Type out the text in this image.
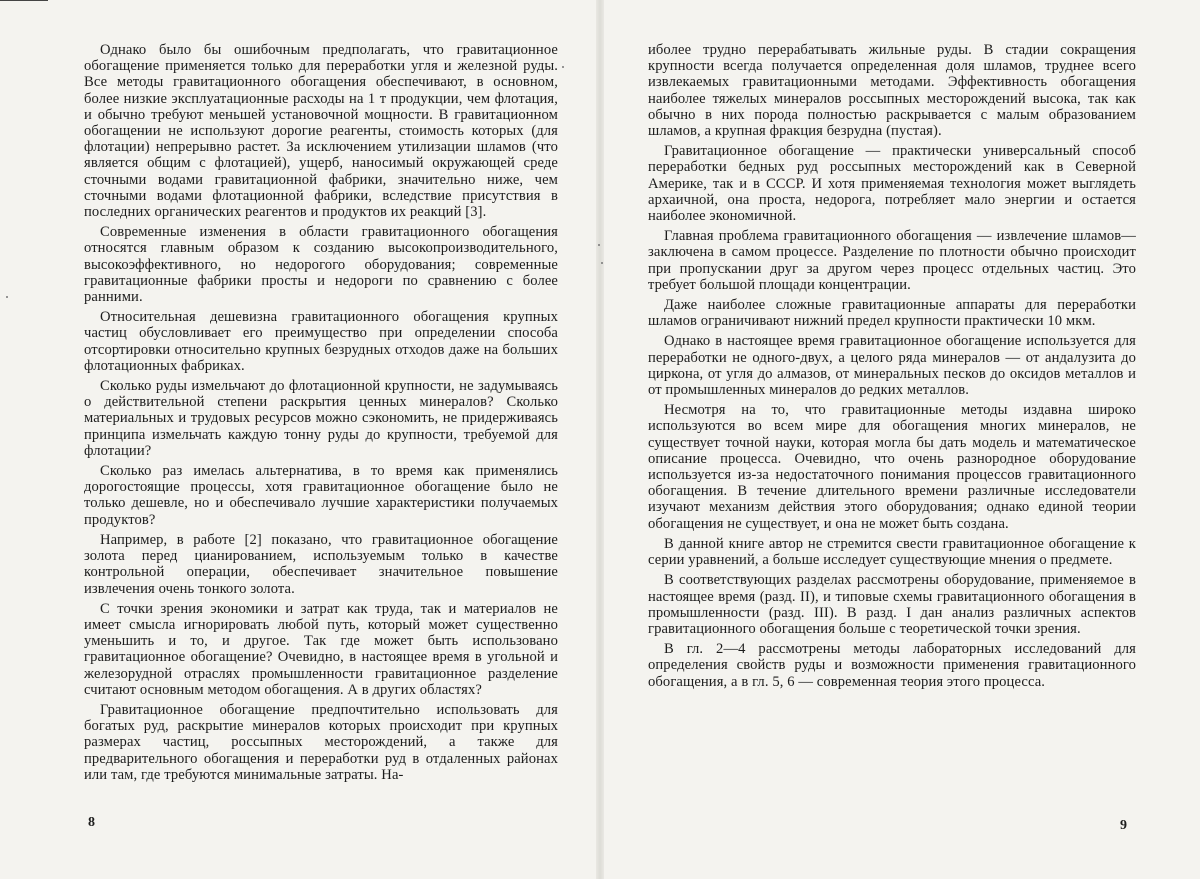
Однако было бы ошибочным предполагать, что гравитационное обогащение применяется только для переработки угля и железной руды. Все методы гравитационного обогащения обеспечивают, в основном, более низкие эксплуатационные расходы на 1 т продукции, чем флотация, и обычно требуют меньшей установочной мощности. В гравитационном обогащении не используют дорогие реагенты, стоимость которых (для флотации) непрерывно растет. За исключением утилизации шламов (что является общим с флотацией), ущерб, наносимый окружающей среде сточными водами гравитационной фабрики, значительно ниже, чем сточными водами флотационной фабрики, вследствие присутствия в последних органических реагентов и продуктов их реакций [3].

Современные изменения в области гравитационного обогащения относятся главным образом к созданию высокопроизводительного, высокоэффективного, но недорогого оборудования; современные гравитационные фабрики просты и недороги по сравнению с более ранними.

Относительная дешевизна гравитационного обогащения крупных частиц обусловливает его преимущество при определении способа отсортировки относительно крупных безрудных отходов даже на больших флотационных фабриках.

Сколько руды измельчают до флотационной крупности, не задумываясь о действительной степени раскрытия ценных минералов? Сколько материальных и трудовых ресурсов можно сэкономить, не придерживаясь принципа измельчать каждую тонну руды до крупности, требуемой для флотации?

Сколько раз имелась альтернатива, в то время как применялись дорогостоящие процессы, хотя гравитационное обогащение было не только дешевле, но и обеспечивало лучшие характеристики получаемых продуктов?

Например, в работе [2] показано, что гравитационное обогащение золота перед цианированием, используемым только в качестве контрольной операции, обеспечивает значительное повышение извлечения очень тонкого золота.

С точки зрения экономики и затрат как труда, так и материалов не имеет смысла игнорировать любой путь, который может существенно уменьшить и то, и другое. Так где может быть использовано гравитационное обогащение? Очевидно, в настоящее время в угольной и железорудной отраслях промышленности гравитационное разделение считают основным методом обогащения. А в других областях?

Гравитационное обогащение предпочтительно использовать для богатых руд, раскрытие минералов которых происходит при крупных размерах частиц, россыпных месторождений, а также для предварительного обогащения и переработки руд в отдаленных районах или там, где требуются минимальные затраты. На-

8

иболее трудно перерабатывать жильные руды. В стадии сокращения крупности всегда получается определенная доля шламов, труднее всего извлекаемых гравитационными методами. Эффективность обогащения наиболее тяжелых минералов россыпных месторождений высока, так как обычно в них порода полностью раскрывается с малым образованием шламов, а крупная фракция безрудна (пустая).

Гравитационное обогащение — практически универсальный способ переработки бедных руд россыпных месторождений как в Северной Америке, так и в СССР. И хотя применяемая технология может выглядеть архаичной, она проста, недорога, потребляет мало энергии и остается наиболее экономичной.

Главная проблема гравитационного обогащения — извлечение шламов—заключена в самом процессе. Разделение по плотности обычно происходит при пропускании друг за другом через процесс отдельных частиц. Это требует большой площади концентрации.

Даже наиболее сложные гравитационные аппараты для переработки шламов ограничивают нижний предел крупности практически 10 мкм.

Однако в настоящее время гравитационное обогащение используется для переработки не одного-двух, а целого ряда минералов — от андалузита до циркона, от угля до алмазов, от минеральных песков до оксидов металлов и от промышленных минералов до редких металлов.

Несмотря на то, что гравитационные методы издавна широко используются во всем мире для обогащения многих минералов, не существует точной науки, которая могла бы дать модель и математическое описание процесса. Очевидно, что очень разнородное оборудование используется из-за недостаточного понимания процессов гравитационного обогащения. В течение длительного времени различные исследователи изучают механизм действия этого оборудования; однако единой теории обогащения не существует, и она не может быть создана.

В данной книге автор не стремится свести гравитационное обогащение к серии уравнений, а больше исследует существующие мнения о предмете.

В соответствующих разделах рассмотрены оборудование, применяемое в настоящее время (разд. II), и типовые схемы гравитационного обогащения в промышленности (разд. III). В разд. I дан анализ различных аспектов гравитационного обогащения больше с теоретической точки зрения.

В гл. 2—4 рассмотрены методы лабораторных исследований для определения свойств руды и возможности применения гравитационного обогащения, а в гл. 5, 6 — современная теория этого процесса.

9
